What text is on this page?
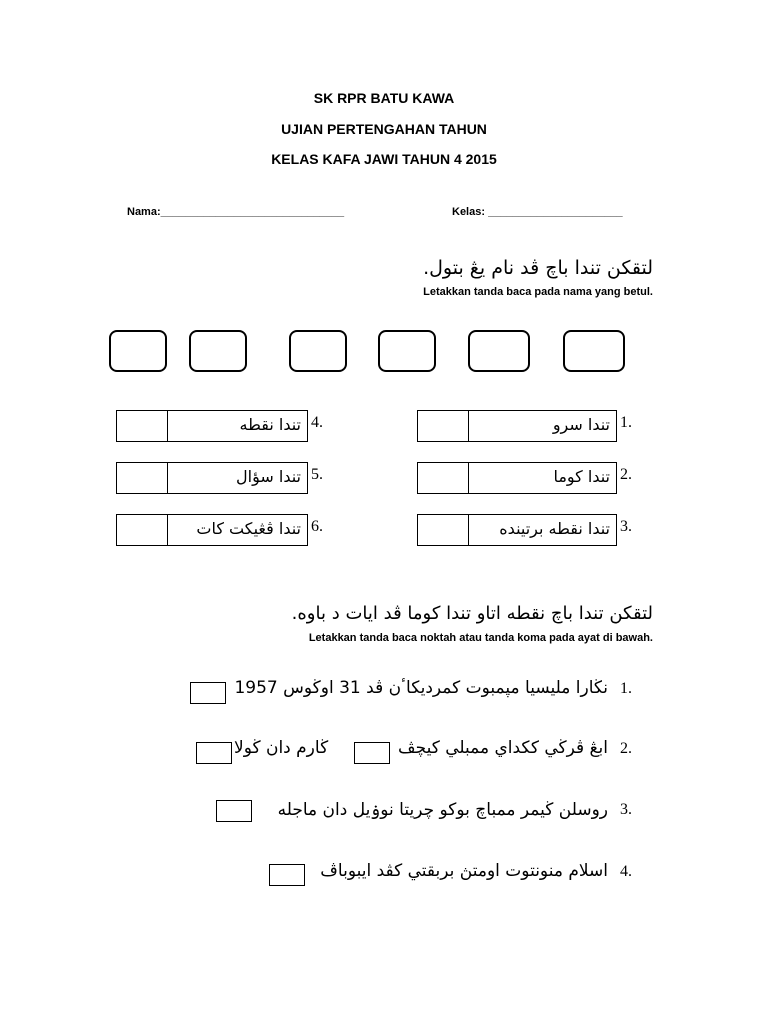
SK RPR BATU KAWA
UJIAN PERTENGAHAN TAHUN
KELAS KAFA JAWI TAHUN 4 2015
Nama:______________________________	Kelas: ______________________
لتقكن تندا باچ ڤد نام يڠ بتول.
Letakkan tanda baca pada nama yang betul.
تندا نقطه 4.
تندا سؤال 5.
تندا ڤڠيكت كات 6.
تندا سرو 1.
تندا كوما 2.
تندا نقطه برتينده 3.
لتقكن تندا باچ نقطه اتاو تندا كوما ڤد ايات د باوه.
Letakkan tanda baca noktah atau tanda koma pada ayat di bawah.
نڬارا مليسيا مپمبوت كمرديكاٴن ڤد 31 اوڬوس 1957 1.
ڬارم دان ڬولا	ابڠ ڤرڬي ككداي ممبلي كيچڤ 2.
روسلن ڬيمر ممباچ بوكو چريتا نوۏيل دان ماجله 3.
اسلام منونتوت اومتڽ بربقتي كڤد ايبوباڤ 4.
